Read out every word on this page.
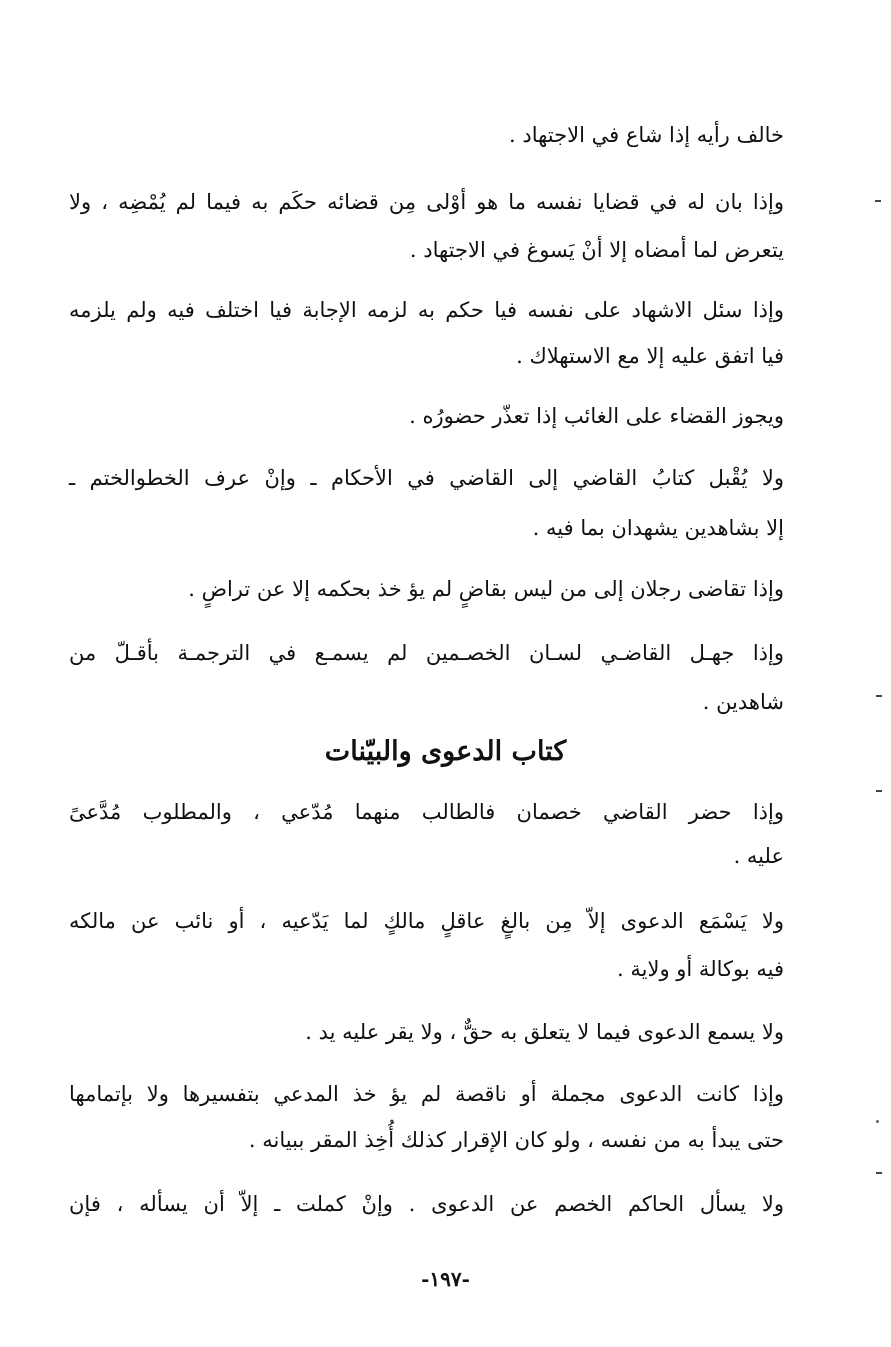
خالف رأيه إذا شاع في الاجتهاد .
وإذا بان له في قضايا نفسه ما هو أوْلى مِن قضائه حكَم به فيما لم يُمْضِه ، ولا
يتعرض لما أمضاه إلا أنْ يَسوغ في الاجتهاد .
وإذا سئل الاشهاد على نفسه فيا حكم به لزمه الإجابة فيا اختلف فيه ولم يلزمه
فيا اتفق عليه إلا مع الاستهلاك .
ويجوز القضاء على الغائب إذا تعذّر حضورُه .
ولا يُقْبل كتابُ القاضي إلى القاضي في الأحكام ـ وإنْ عرف الخطوالختم ـ
إلا بشاهدين يشهدان بما فيه .
وإذا تقاضى رجلان إلى من ليس بقاضٍ لم يؤ خذ بحكمه إلا عن تراضٍ .
وإذا جهـل القاضـي لسـان الخصـمين لم يسمـع في الترجمـة بأقـلّ من
شاهدين .
كتاب الدعوى والبيّنات
وإذا حضر القاضي خصمان فالطالب منهما مُدّعي ، والمطلوب مُدَّعىً
عليه .
ولا يَسْمَع الدعوى إلاّ مِن بالغٍ عاقلٍ مالكٍ لما يَدّعيه ، أو نائب عن مالكه
فيه بوكالة أو ولاية .
ولا يسمع الدعوى فيما لا يتعلق به حقٌّ ، ولا يقر عليه يد .
وإذا كانت الدعوى مجملة أو ناقصة لم يؤ خذ المدعي بتفسيرها ولا بإتمامها
حتى يبدأ به من نفسه ، ولو كان الإقرار كذلك أُخِذ المقر ببيانه .
ولا يسأل الحاكم الخصم عن الدعوى . وإنْ كملت ـ إلاّ أن يسأله ، فإن
-١٩٧-
